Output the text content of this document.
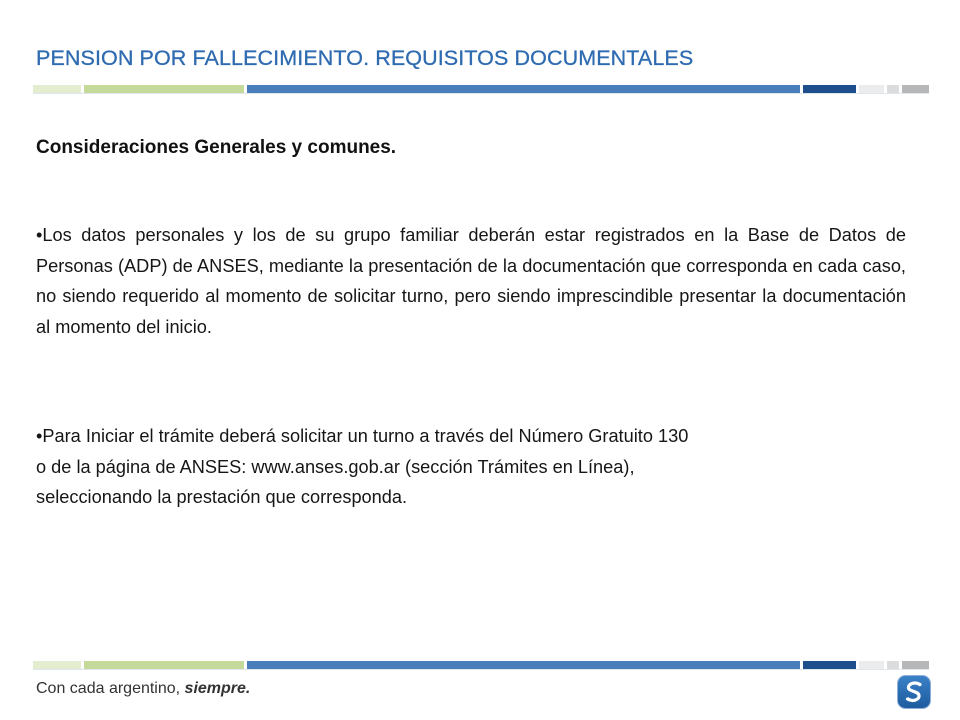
PENSION POR FALLECIMIENTO. REQUISITOS DOCUMENTALES
Consideraciones Generales y comunes.
•Los datos personales y los de su grupo familiar deberán estar registrados en la Base de Datos de Personas (ADP) de ANSES, mediante la presentación de la documentación que corresponda en cada caso, no siendo requerido al momento de solicitar turno, pero siendo imprescindible presentar la documentación al momento del inicio.
•Para Iniciar el trámite deberá solicitar un turno a través del Número Gratuito 130
o de la página de ANSES: www.anses.gob.ar (sección Trámites en Línea),
seleccionando la prestación que corresponda.
Con cada argentino, siempre.
